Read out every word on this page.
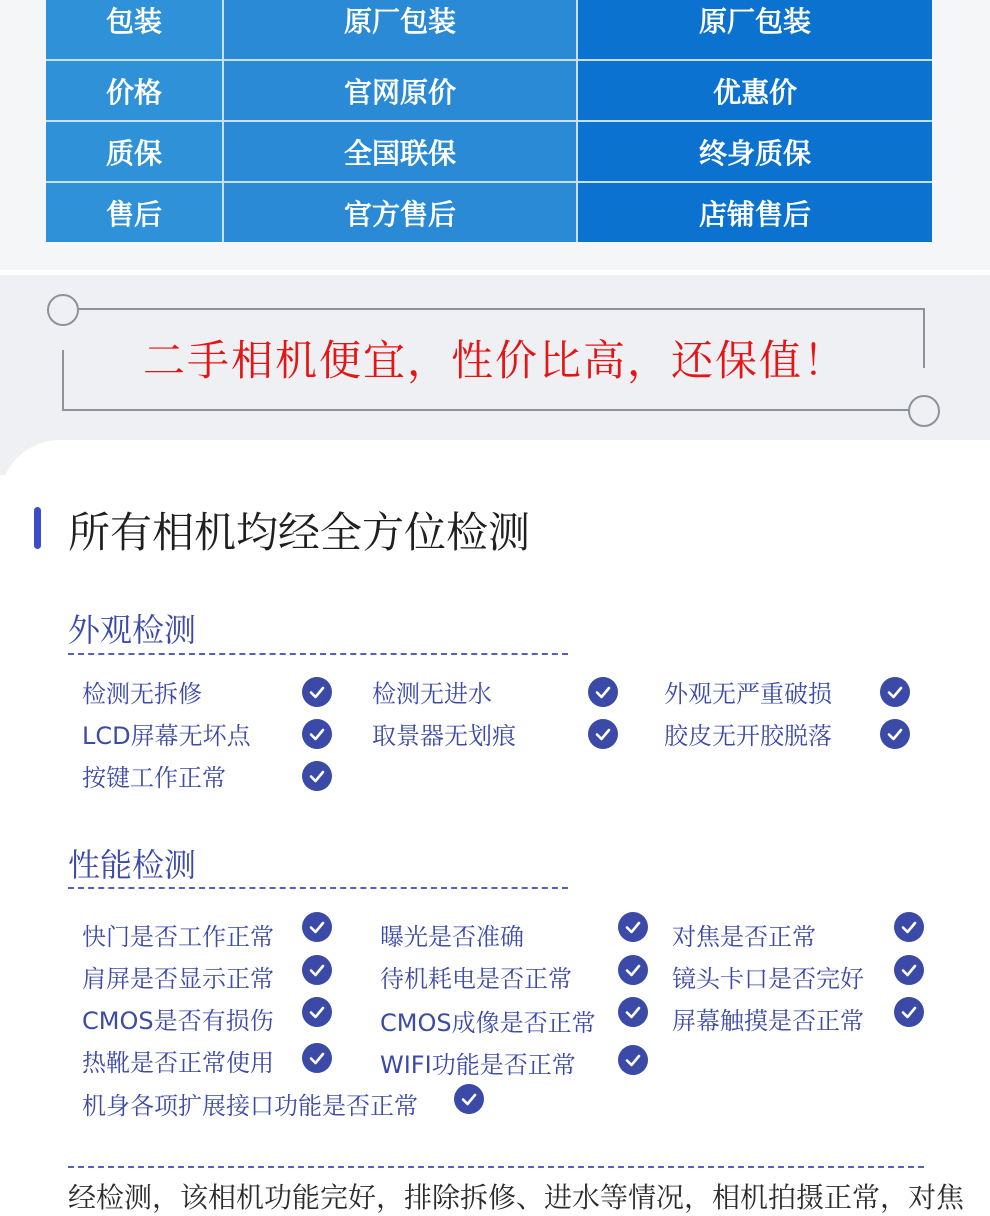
包装	原厂包装	原厂包装
价格	官网原价	优惠价
质保	全国联保	终身质保
售后	官方售后	店铺售后
二手相机便宜，性价比高，还保值！
所有相机均经全方位检测
外观检测
检测无拆修	检测无进水	外观无严重破损
LCD屏幕无坏点	取景器无划痕	胶皮无开胶脱落
按键工作正常
性能检测
快门是否工作正常	曝光是否准确	对焦是否正常
肩屏是否显示正常	待机耗电是否正常	镜头卡口是否完好
CMOS是否有损伤	CMOS成像是否正常	屏幕触摸是否正常
热靴是否正常使用	WIFI功能是否正常
机身各项扩展接口功能是否正常
经检测，该相机功能完好，排除拆修、进水等情况，相机拍摄正常，对焦
